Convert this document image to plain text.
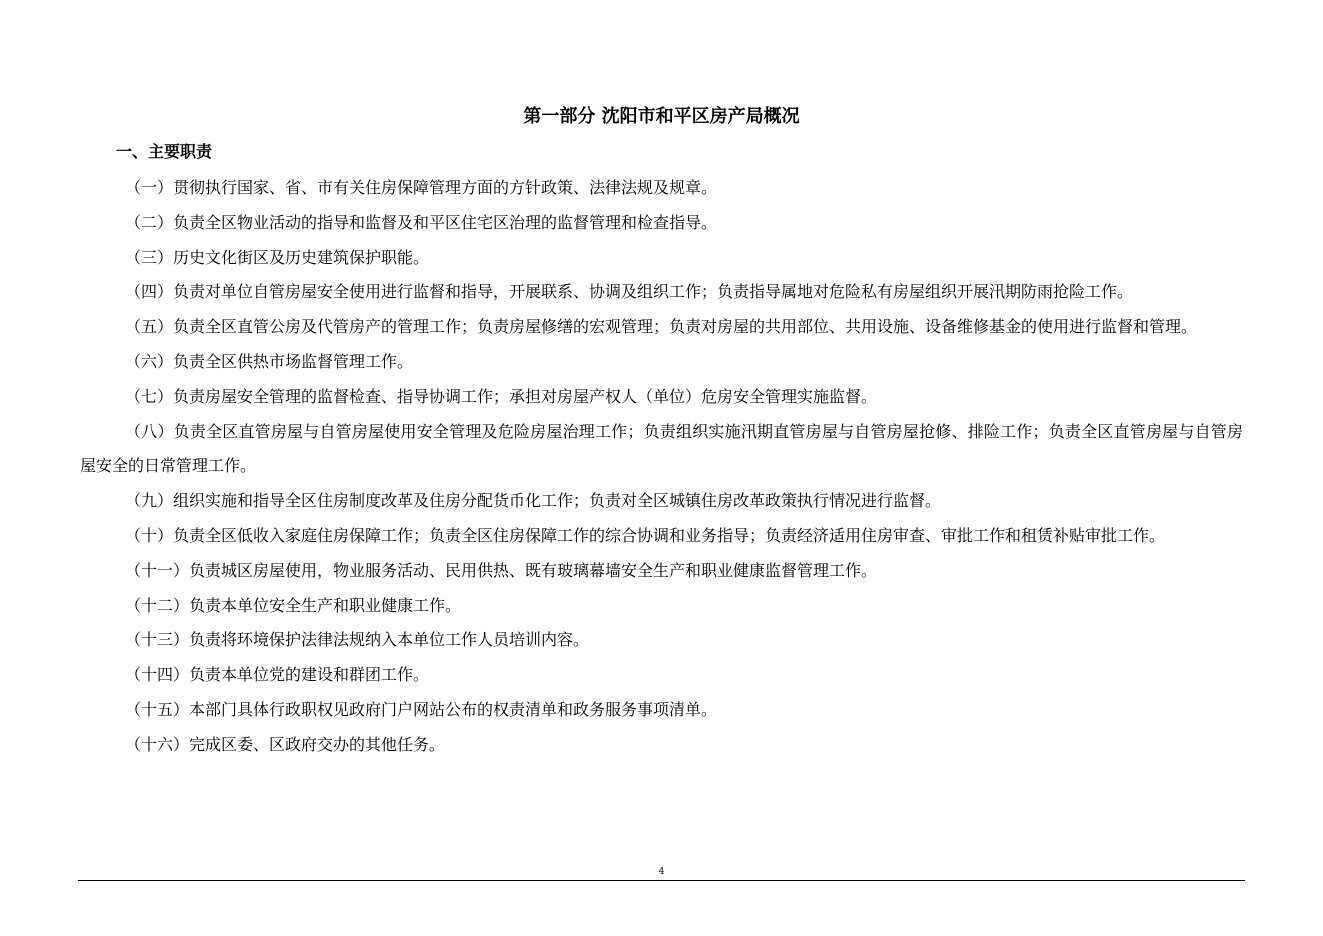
第一部分 沈阳市和平区房产局概况
一、主要职责

（一）贯彻执行国家、省、市有关住房保障管理方面的方针政策、法律法规及规章。

（二）负责全区物业活动的指导和监督及和平区住宅区治理的监督管理和检查指导。

（三）历史文化街区及历史建筑保护职能。

（四）负责对单位自管房屋安全使用进行监督和指导，开展联系、协调及组织工作；负责指导属地对危险私有房屋组织开展汛期防雨抢险工作。

（五）负责全区直管公房及代管房产的管理工作；负责房屋修缮的宏观管理；负责对房屋的共用部位、共用设施、设备维修基金的使用进行监督和管理。

（六）负责全区供热市场监督管理工作。

（七）负责房屋安全管理的监督检查、指导协调工作；承担对房屋产权人（单位）危房安全管理实施监督。

（八）负责全区直管房屋与自管房屋使用安全管理及危险房屋治理工作；负责组织实施汛期直管房屋与自管房屋抢修、排险工作；负责全区直管房屋与自管房屋安全的日常管理工作。

（九）组织实施和指导全区住房制度改革及住房分配货币化工作；负责对全区城镇住房改革政策执行情况进行监督。

（十）负责全区低收入家庭住房保障工作；负责全区住房保障工作的综合协调和业务指导；负责经济适用住房审查、审批工作和租赁补贴审批工作。

（十一）负责城区房屋使用，物业服务活动、民用供热、既有玻璃幕墙安全生产和职业健康监督管理工作。

（十二）负责本单位安全生产和职业健康工作。

（十三）负责将环境保护法律法规纳入本单位工作人员培训内容。

（十四）负责本单位党的建设和群团工作。

（十五）本部门具体行政职权见政府门户网站公布的权责清单和政务服务事项清单。

（十六）完成区委、区政府交办的其他任务。

4
